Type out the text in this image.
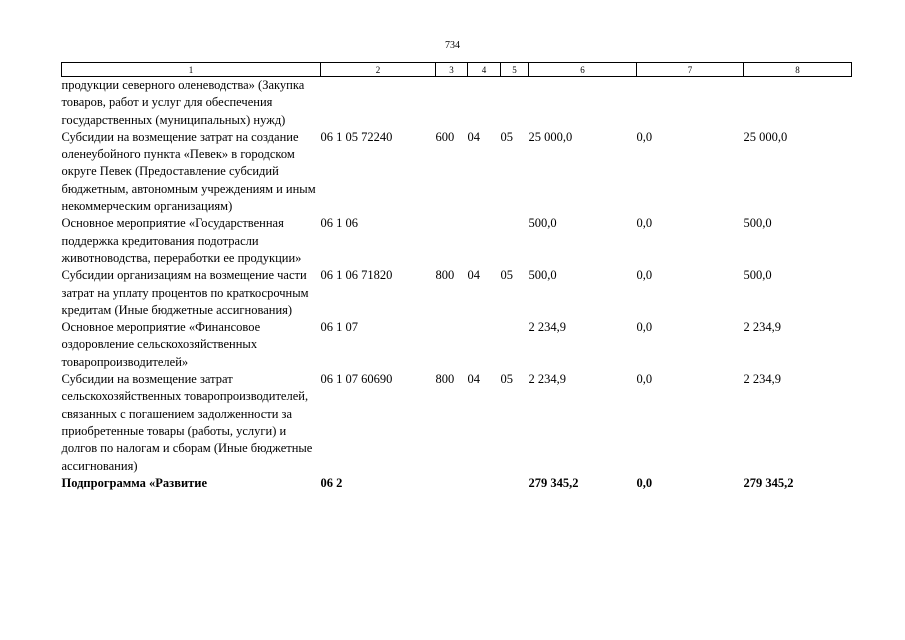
734
1	2	3	4	5	6	7	8
продукции северного оленеводства» (Закупка товаров, работ и услуг для обеспечения государственных (муниципальных) нужд)							
Субсидии на возмещение затрат на создание оленеубойного пункта «Певек» в городском округе Певек (Предоставление субсидий бюджетным, автономным учреждениям и иным некоммерческим организациям)	06 1 05 72240	600	04	05	25 000,0	0,0	25 000,0
Основное мероприятие «Государственная поддержка кредитования подотрасли животноводства, переработки ее продукции»	06 1 06				500,0	0,0	500,0
Субсидии организациям на возмещение части затрат на уплату процентов по краткосрочным кредитам (Иные бюджетные ассигнования)	06 1 06 71820	800	04	05	500,0	0,0	500,0
Основное мероприятие «Финансовое оздоровление сельскохозяйственных товаропроизводителей»	06 1 07				2 234,9	0,0	2 234,9
Субсидии на возмещение затрат сельскохозяйственных товаропроизводителей, связанных с погашением задолженности за приобретенные товары (работы, услуги) и долгов по налогам и сборам (Иные бюджетные ассигнования)	06 1 07 60690	800	04	05	2 234,9	0,0	2 234,9
Подпрограмма «Развитие	06 2				279 345,2	0,0	279 345,2
